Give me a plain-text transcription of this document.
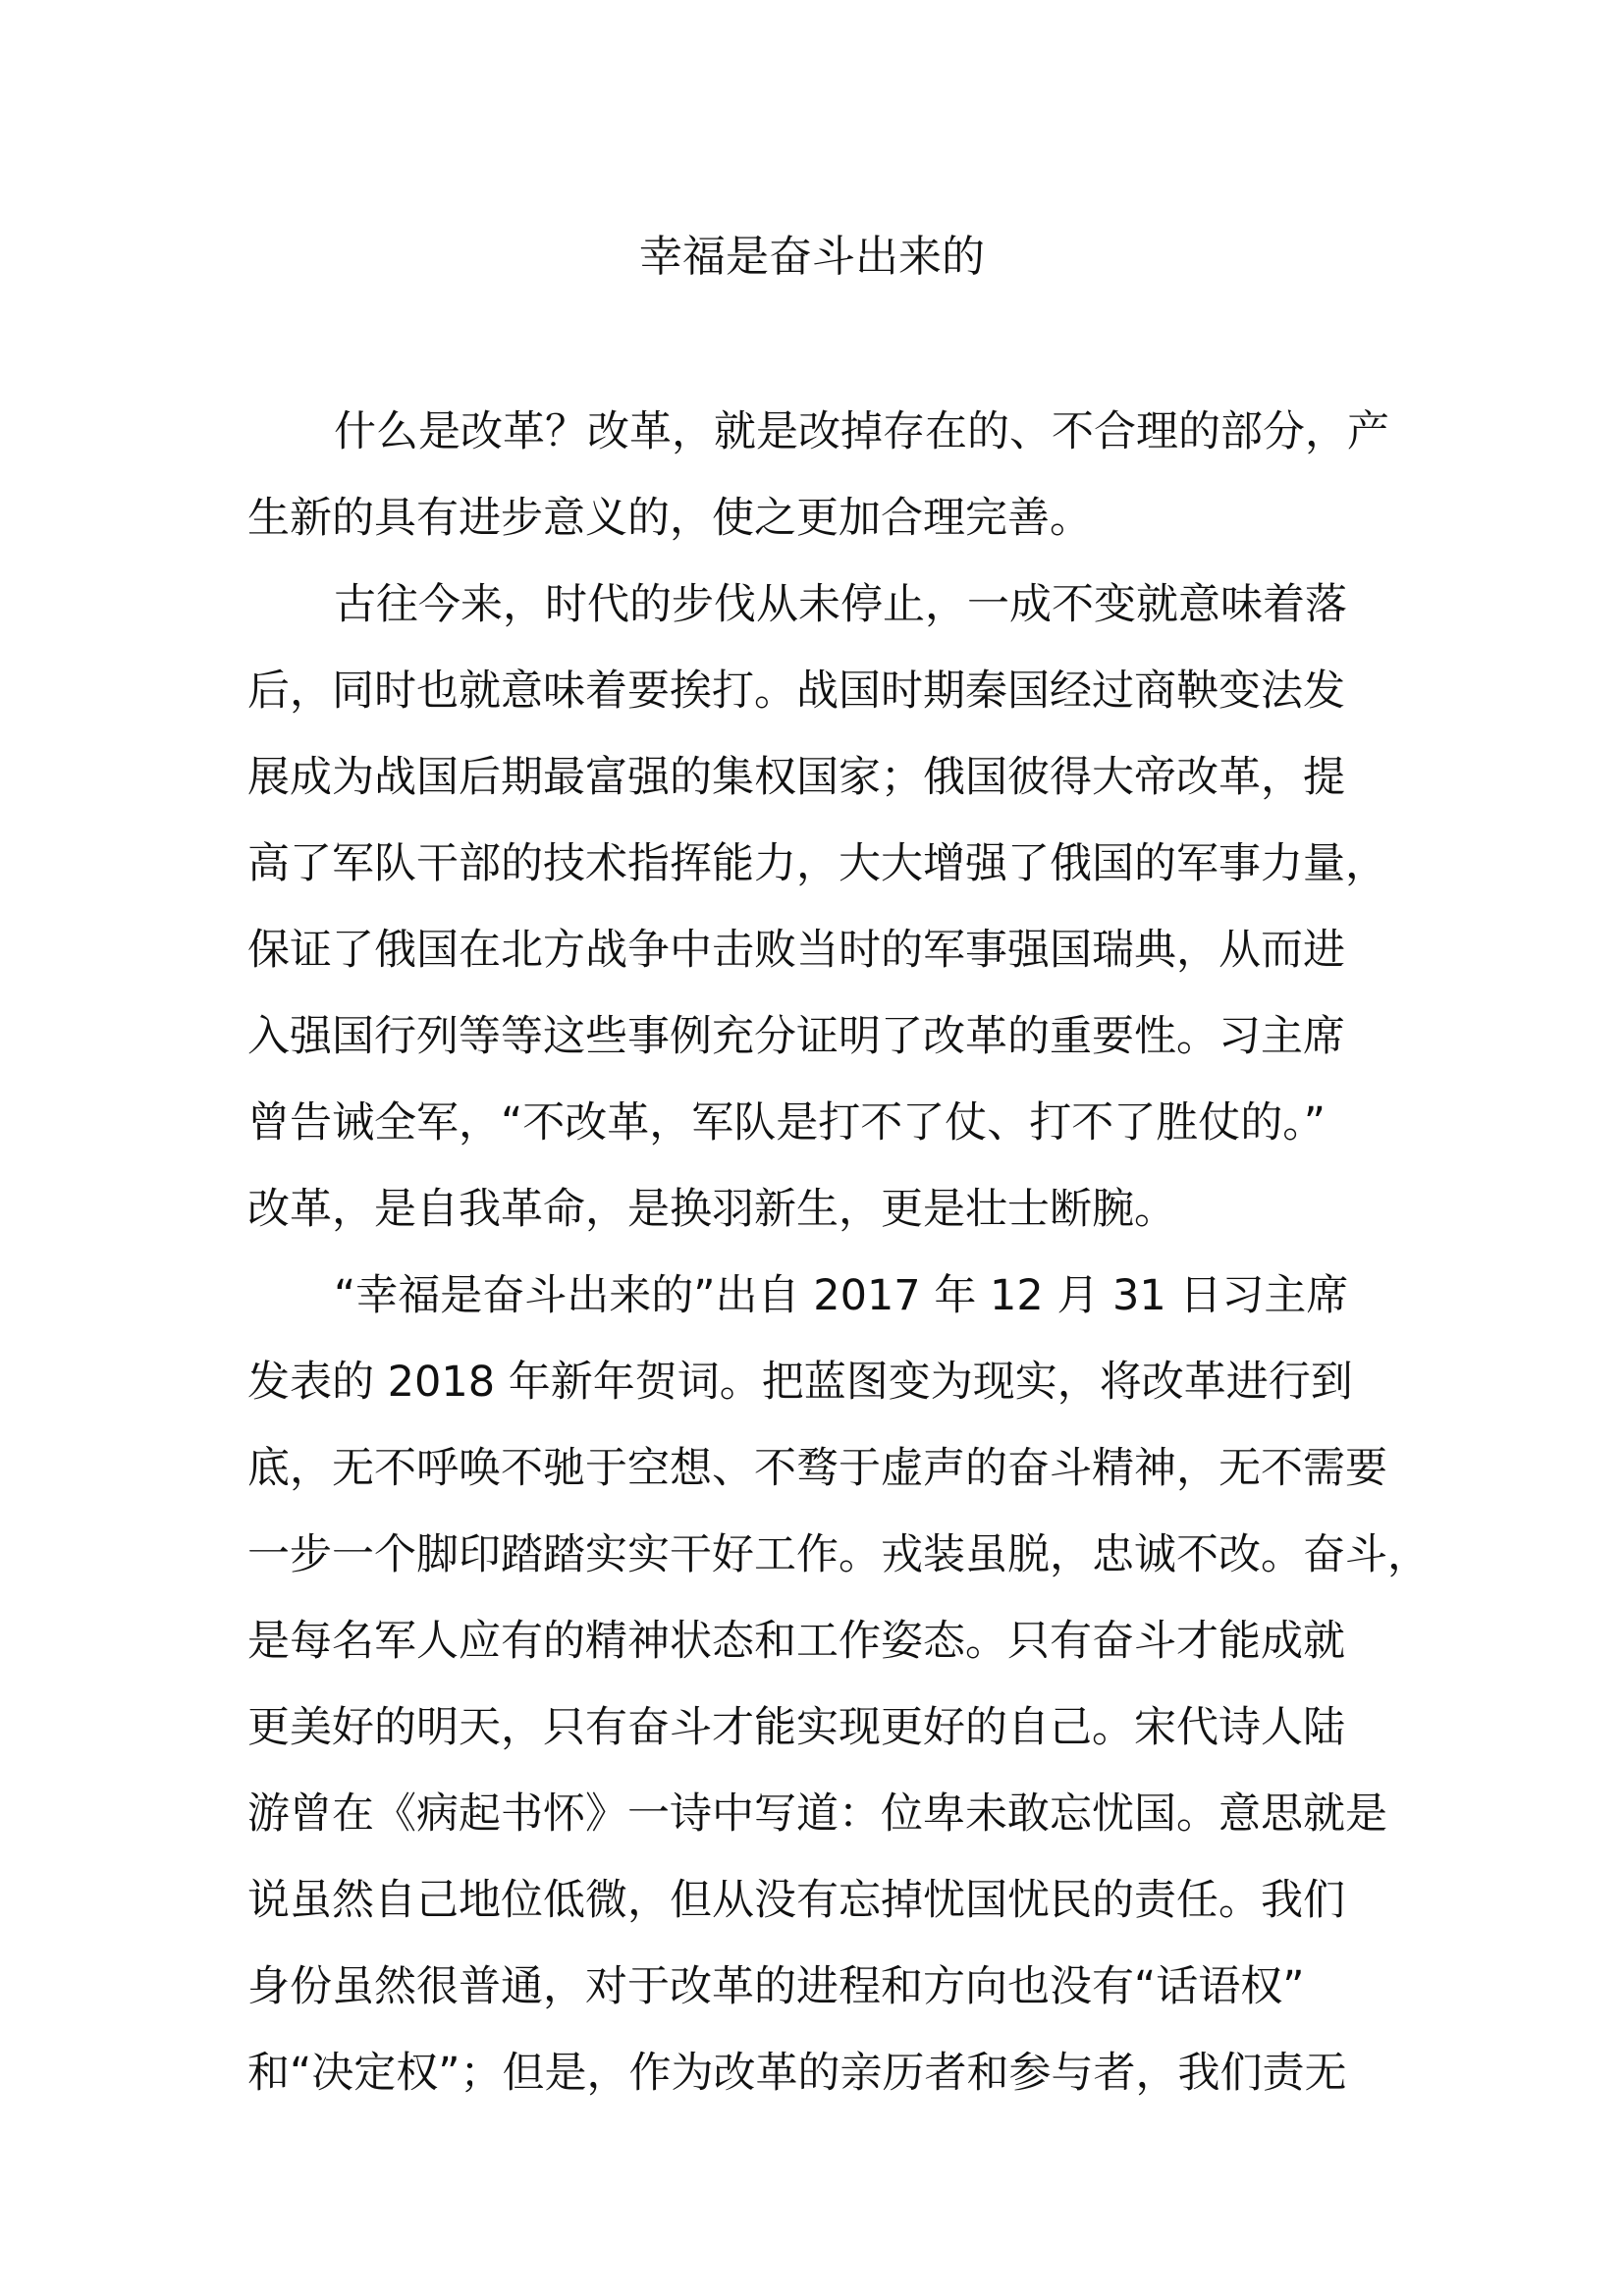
幸福是奋斗出来的
什么是改革？改革，就是改掉存在的、不合理的部分，产
生新的具有进步意义的，使之更加合理完善。
古往今来，时代的步伐从未停止，一成不变就意味着落
后，同时也就意味着要挨打。战国时期秦国经过商鞅变法发
展成为战国后期最富强的集权国家；俄国彼得大帝改革，提
高了军队干部的技术指挥能力，大大增强了俄国的军事力量，
保证了俄国在北方战争中击败当时的军事强国瑞典，从而进
入强国行列等等这些事例充分证明了改革的重要性。习主席
曾告诫全军，“不改革，军队是打不了仗、打不了胜仗的。”
改革，是自我革命，是换羽新生，更是壮士断腕。
“幸福是奋斗出来的”出自 2017 年 12 月 31 日习主席
发表的 2018 年新年贺词。把蓝图变为现实，将改革进行到
底，无不呼唤不驰于空想、不骛于虚声的奋斗精神，无不需要
一步一个脚印踏踏实实干好工作。戎装虽脱，忠诚不改。奋斗，
是每名军人应有的精神状态和工作姿态。只有奋斗才能成就
更美好的明天，只有奋斗才能实现更好的自己。宋代诗人陆
游曾在《病起书怀》一诗中写道：位卑未敢忘忧国。意思就是
说虽然自己地位低微，但从没有忘掉忧国忧民的责任。我们
身份虽然很普通，对于改革的进程和方向也没有“话语权”
和“决定权”；但是，作为改革的亲历者和参与者，我们责无
